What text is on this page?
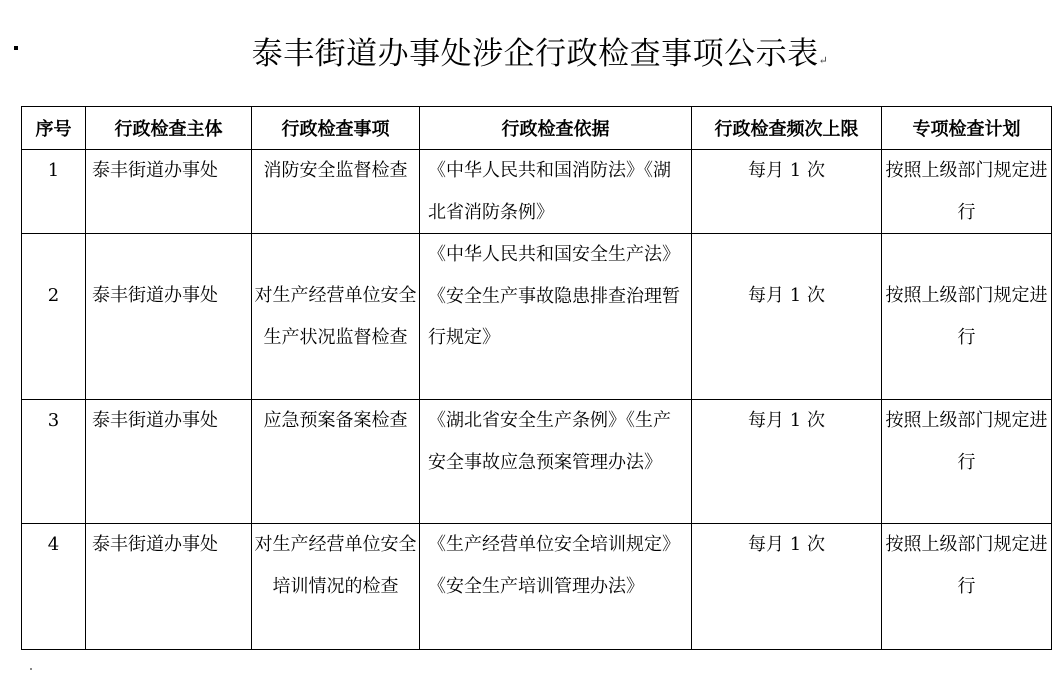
泰丰街道办事处涉企行政检查事项公示表↵
序号	行政检查主体	行政检查事项	行政检查依据	行政检查频次上限	专项检查计划
1	泰丰街道办事处	消防安全监督检查	《中华人民共和国消防法》《湖北省消防条例》	每月 1 次	按照上级部门规定进行
2	泰丰街道办事处	对生产经营单位安全生产状况监督检查	《中华人民共和国安全生产法》《安全生产事故隐患排查治理暂行规定》	每月 1 次	按照上级部门规定进行
3	泰丰街道办事处	应急预案备案检查	《湖北省安全生产条例》《生产安全事故应急预案管理办法》	每月 1 次	按照上级部门规定进行
4	泰丰街道办事处	对生产经营单位安全培训情况的检查	《生产经营单位安全培训规定》《安全生产培训管理办法》	每月 1 次	按照上级部门规定进行
